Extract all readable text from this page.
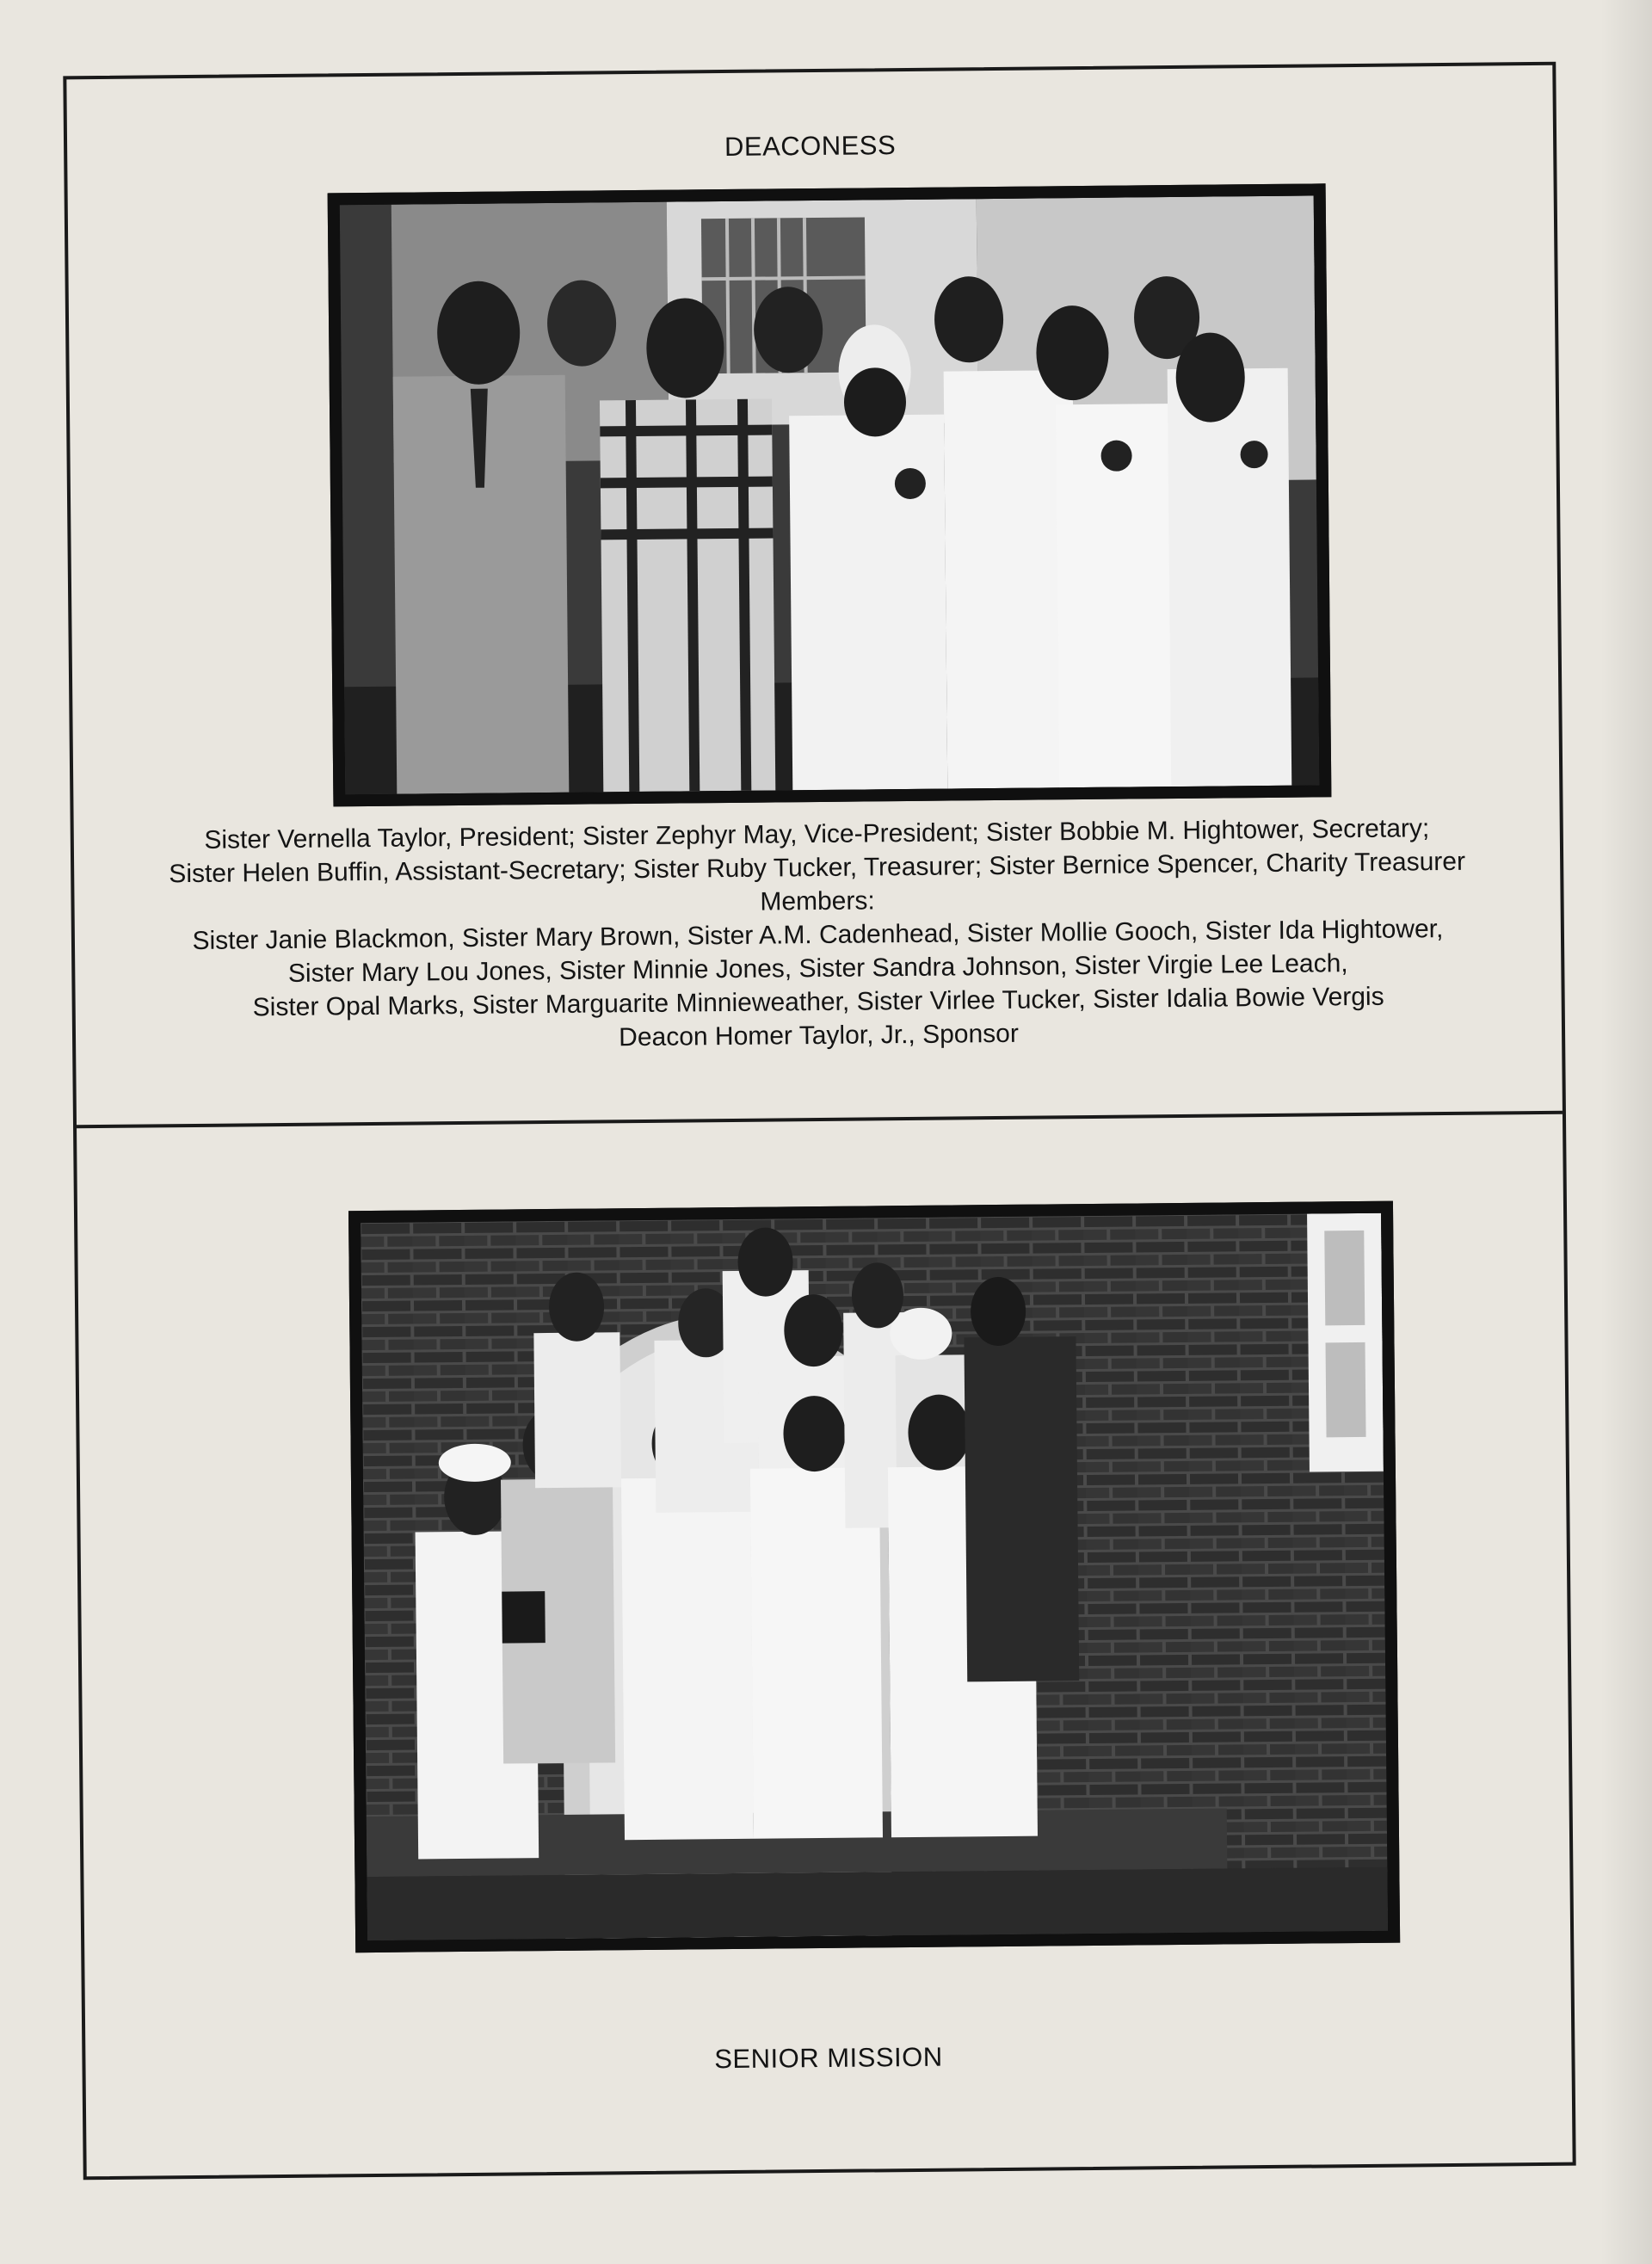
DEACONESS
Sister Vernella Taylor, President; Sister Zephyr May, Vice-President; Sister Bobbie M. Hightower, Secretary;
Sister Helen Buffin, Assistant-Secretary; Sister Ruby Tucker, Treasurer; Sister Bernice Spencer, Charity Treasurer
Members:
Sister Janie Blackmon, Sister Mary Brown, Sister A.M. Cadenhead, Sister Mollie Gooch, Sister Ida Hightower,
Sister Mary Lou Jones, Sister Minnie Jones, Sister Sandra Johnson, Sister Virgie Lee Leach,
Sister Opal Marks, Sister Marguarite Minnieweather, Sister Virlee Tucker, Sister Idalia Bowie Vergis
Deacon Homer Taylor, Jr., Sponsor
SENIOR MISSION
